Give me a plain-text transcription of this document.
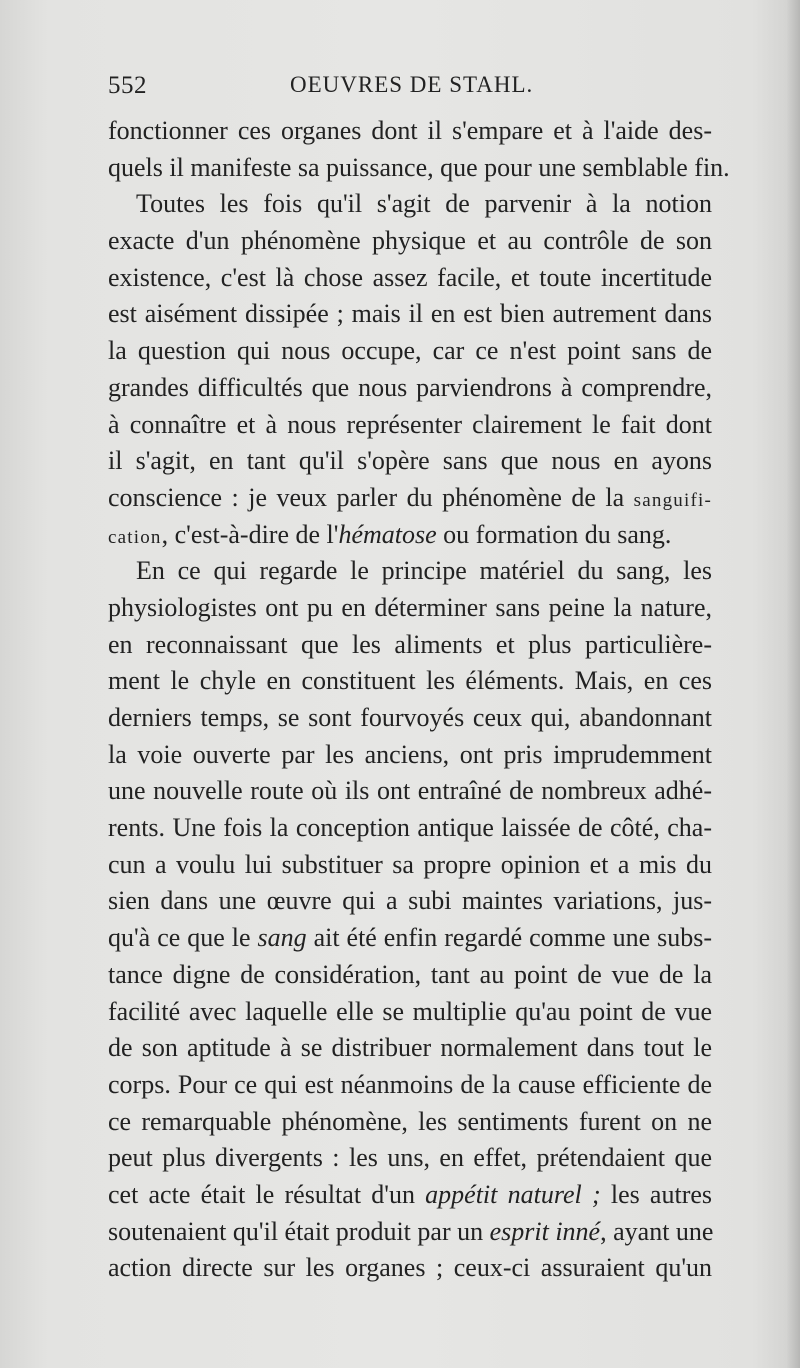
552	OEUVRES DE STAHL.
fonctionner ces organes dont il s'empare et à l'aide des-
quels il manifeste sa puissance, que pour une semblable fin.
Toutes les fois qu'il s'agit de parvenir à la notion
exacte d'un phénomène physique et au contrôle de son
existence, c'est là chose assez facile, et toute incertitude
est aisément dissipée ; mais il en est bien autrement dans
la question qui nous occupe, car ce n'est point sans de
grandes difficultés que nous parviendrons à comprendre,
à connaître et à nous représenter clairement le fait dont
il s'agit, en tant qu'il s'opère sans que nous en ayons
conscience : je veux parler du phénomène de la sanguifi-
cation, c'est-à-dire de l'hématose ou formation du sang.
En ce qui regarde le principe matériel du sang, les
physiologistes ont pu en déterminer sans peine la nature,
en reconnaissant que les aliments et plus particulière-
ment le chyle en constituent les éléments. Mais, en ces
derniers temps, se sont fourvoyés ceux qui, abandonnant
la voie ouverte par les anciens, ont pris imprudemment
une nouvelle route où ils ont entraîné de nombreux adhé-
rents. Une fois la conception antique laissée de côté, cha-
cun a voulu lui substituer sa propre opinion et a mis du
sien dans une œuvre qui a subi maintes variations, jus-
qu'à ce que le sang ait été enfin regardé comme une subs-
tance digne de considération, tant au point de vue de la
facilité avec laquelle elle se multiplie qu'au point de vue
de son aptitude à se distribuer normalement dans tout le
corps. Pour ce qui est néanmoins de la cause efficiente de
ce remarquable phénomène, les sentiments furent on ne
peut plus divergents : les uns, en effet, prétendaient que
cet acte était le résultat d'un appétit naturel ; les autres
soutenaient qu'il était produit par un esprit inné, ayant une
action directe sur les organes ; ceux-ci assuraient qu'un
